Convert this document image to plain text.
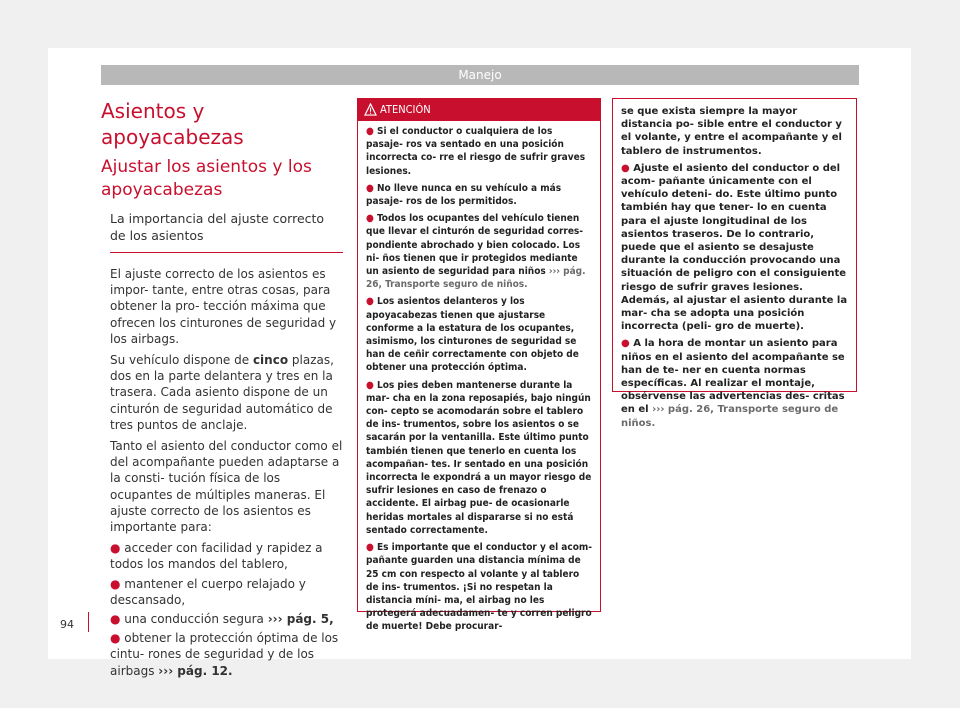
Manejo
Asientos y apoyacabezas
Ajustar los asientos y los apoyacabezas
La importancia del ajuste correcto de los asientos

El ajuste correcto de los asientos es impor- tante, entre otras cosas, para obtener la pro- tección máxima que ofrecen los cinturones de seguridad y los airbags.

Su vehículo dispone de cinco plazas, dos en la parte delantera y tres en la trasera. Cada asiento dispone de un cinturón de seguridad automático de tres puntos de anclaje.

Tanto el asiento del conductor como el del acompañante pueden adaptarse a la consti- tución física de los ocupantes de múltiples maneras. El ajuste correcto de los asientos es importante para:

● acceder con facilidad y rapidez a todos los mandos del tablero,
● mantener el cuerpo relajado y descansado,
● una conducción segura ››› pág. 5,
● obtener la protección óptima de los cintu- rones de seguridad y de los airbags ››› pág. 12.
ATENCIÓN
● Si el conductor o cualquiera de los pasaje- ros va sentado en una posición incorrecta co- rre el riesgo de sufrir graves lesiones.
● No lleve nunca en su vehículo a más pasaje- ros de los permitidos.
● Todos los ocupantes del vehículo tienen que llevar el cinturón de seguridad corres- pondiente abrochado y bien colocado. Los ni- ños tienen que ir protegidos mediante un asiento de seguridad para niños ››› pág. 26, Transporte seguro de niños.
● Los asientos delanteros y los apoyacabezas tienen que ajustarse conforme a la estatura de los ocupantes, asimismo, los cinturones de seguridad se han de ceñir correctamente con objeto de obtener una protección óptima.
● Los pies deben mantenerse durante la mar- cha en la zona reposapiés, bajo ningún con- cepto se acomodarán sobre el tablero de ins- trumentos, sobre los asientos o se sacarán por la ventanilla. Este último punto también tienen que tenerlo en cuenta los acompañan- tes. Ir sentado en una posición incorrecta le expondrá a un mayor riesgo de sufrir lesiones en caso de frenazo o accidente. El airbag pue- de ocasionarle heridas mortales al dispararse si no está sentado correctamente.
● Es importante que el conductor y el acom- pañante guarden una distancia mínima de 25 cm con respecto al volante y al tablero de ins- trumentos. ¡Si no respetan la distancia míni- ma, el airbag no les protegerá adecuadamen- te y corren peligro de muerte! Debe procurar-
se que exista siempre la mayor distancia po- sible entre el conductor y el volante, y entre el acompañante y el tablero de instrumentos.
● Ajuste el asiento del conductor o del acom- pañante únicamente con el vehículo deteni- do. Este último punto también hay que tener- lo en cuenta para el ajuste longitudinal de los asientos traseros. De lo contrario, puede que el asiento se desajuste durante la conducción provocando una situación de peligro con el consiguiente riesgo de sufrir graves lesiones. Además, al ajustar el asiento durante la mar- cha se adopta una posición incorrecta (peli- gro de muerte).
● A la hora de montar un asiento para niños en el asiento del acompañante se han de te- ner en cuenta normas específicas. Al realizar el montaje, obsérvense las advertencias des- critas en el ››› pág. 26, Transporte seguro de niños.
94
